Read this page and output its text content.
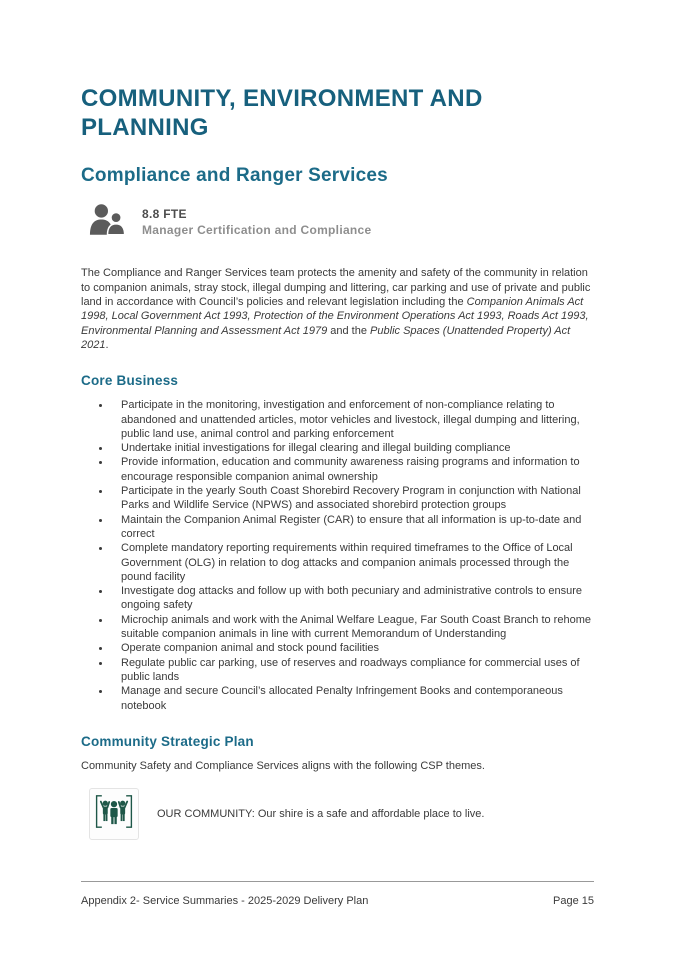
COMMUNITY, ENVIRONMENT AND PLANNING
Compliance and Ranger Services
8.8 FTE
Manager Certification and Compliance

The Compliance and Ranger Services team protects the amenity and safety of the community in relation to companion animals, stray stock, illegal dumping and littering, car parking and use of private and public land in accordance with Council’s policies and relevant legislation including the Companion Animals Act 1998, Local Government Act 1993, Protection of the Environment Operations Act 1993, Roads Act 1993, Environmental Planning and Assessment Act 1979 and the Public Spaces (Unattended Property) Act 2021.

Core Business
• Participate in the monitoring, investigation and enforcement of non-compliance relating to abandoned and unattended articles, motor vehicles and livestock, illegal dumping and littering, public land use, animal control and parking enforcement
• Undertake initial investigations for illegal clearing and illegal building compliance
• Provide information, education and community awareness raising programs and information to encourage responsible companion animal ownership
• Participate in the yearly South Coast Shorebird Recovery Program in conjunction with National Parks and Wildlife Service (NPWS) and associated shorebird protection groups
• Maintain the Companion Animal Register (CAR) to ensure that all information is up-to-date and correct
• Complete mandatory reporting requirements within required timeframes to the Office of Local Government (OLG) in relation to dog attacks and companion animals processed through the pound facility
• Investigate dog attacks and follow up with both pecuniary and administrative controls to ensure ongoing safety
• Microchip animals and work with the Animal Welfare League, Far South Coast Branch to rehome suitable companion animals in line with current Memorandum of Understanding
• Operate companion animal and stock pound facilities
• Regulate public car parking, use of reserves and roadways compliance for commercial uses of public lands
• Manage and secure Council’s allocated Penalty Infringement Books and contemporaneous notebook
Community Strategic Plan

Community Safety and Compliance Services aligns with the following CSP themes.

OUR COMMUNITY: Our shire is a safe and affordable place to live.

Appendix 2- Service Summaries - 2025-2029 Delivery Plan	Page 15
